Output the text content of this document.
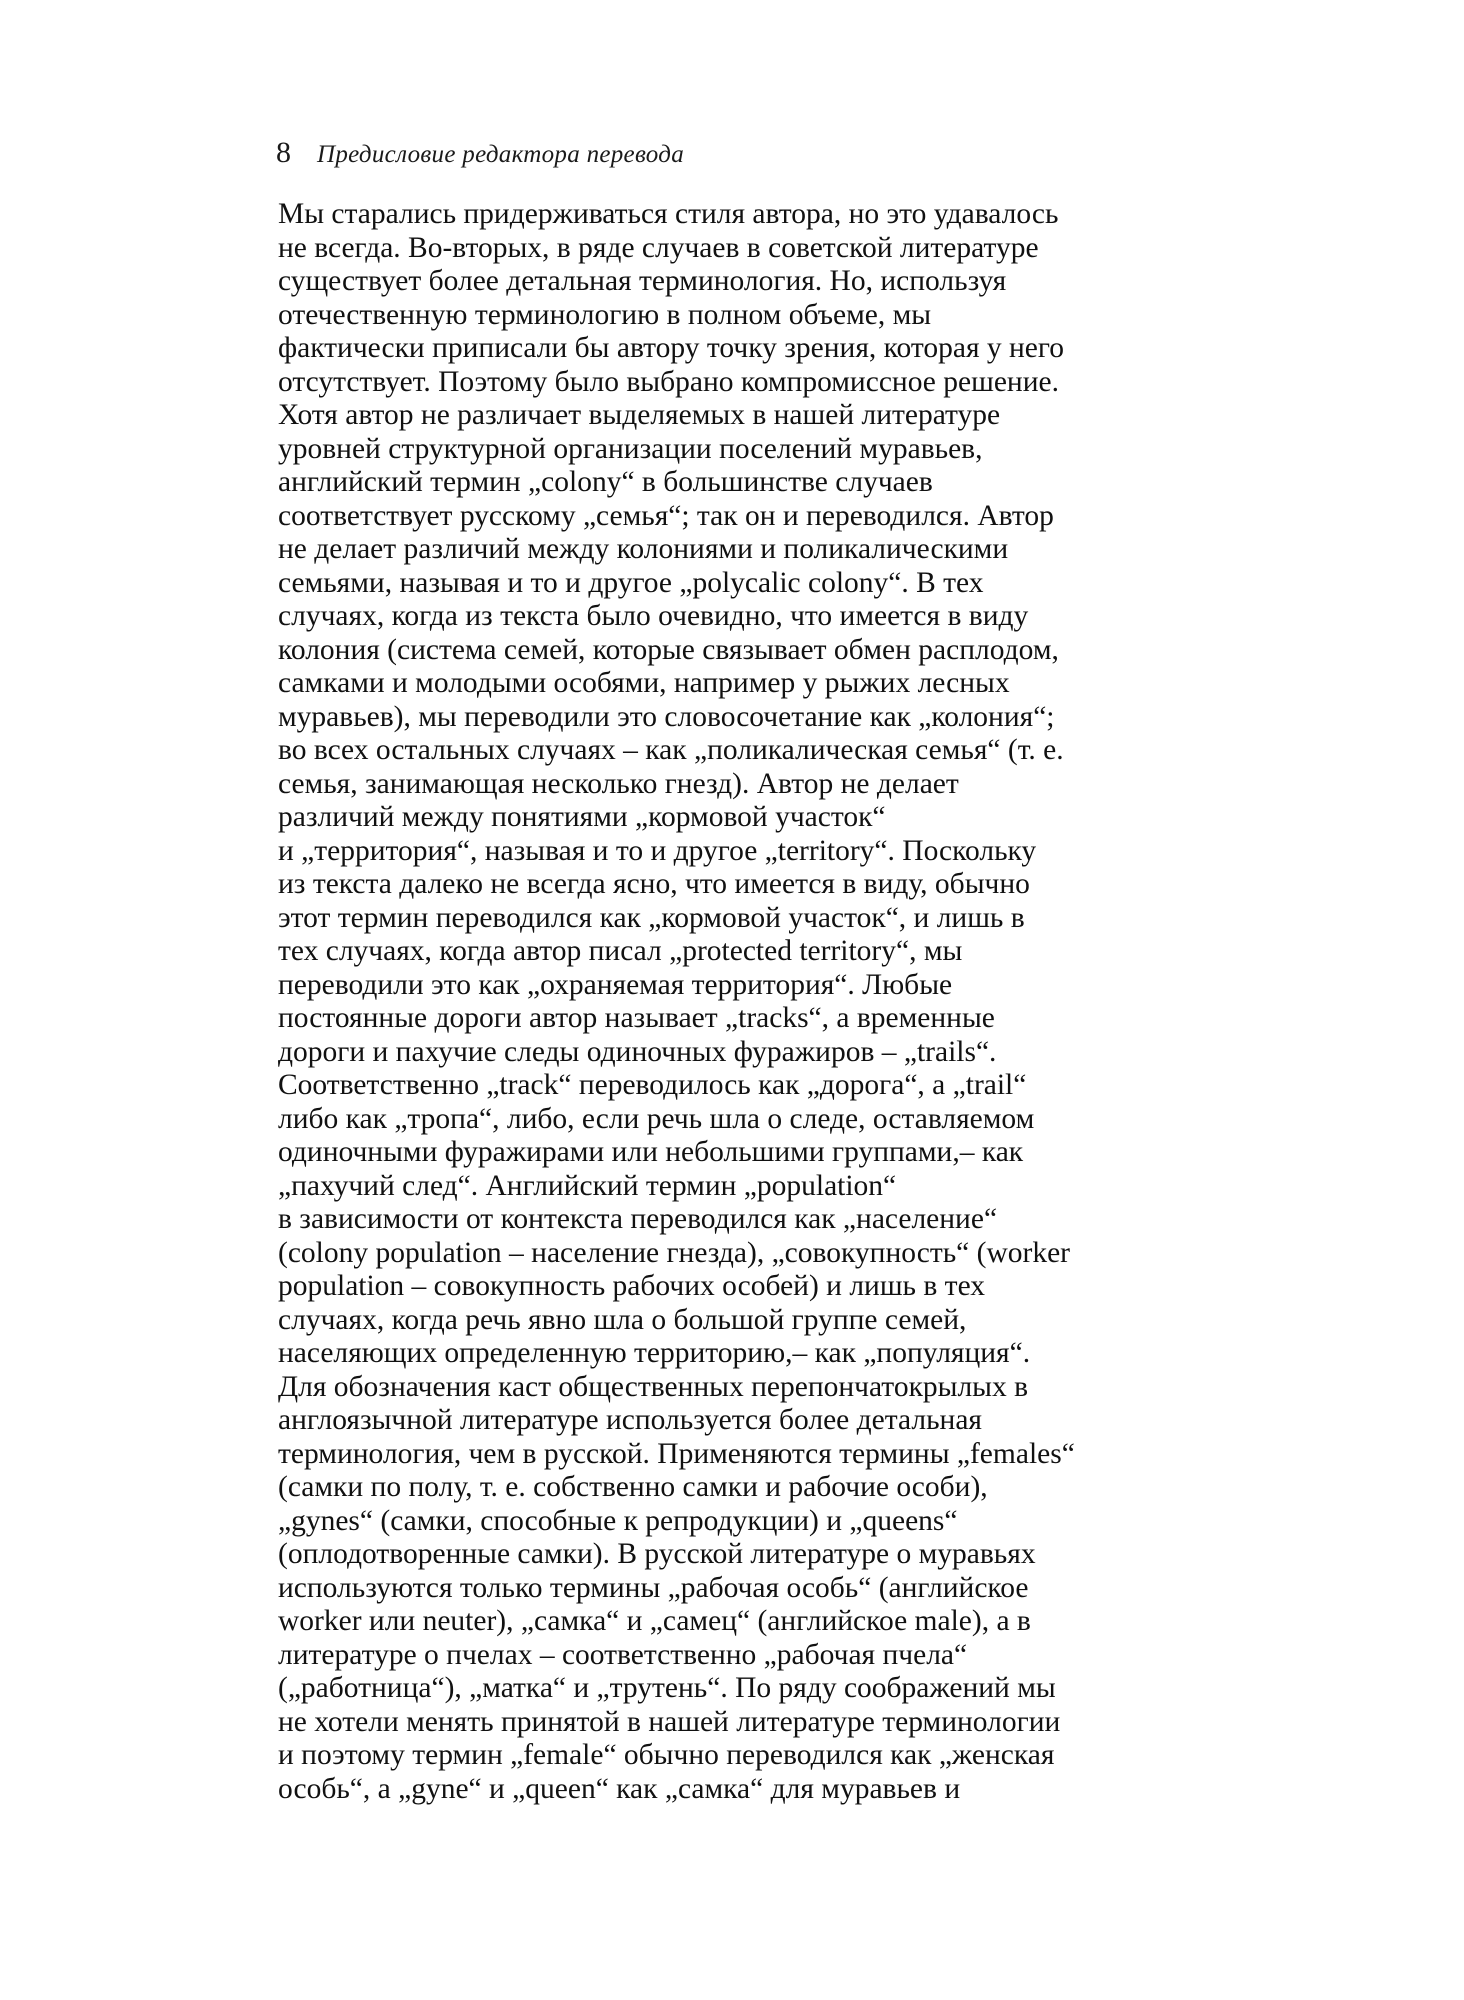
8 Предисловие редактора перевода
Мы старались придерживаться стиля автора, но это удавалось
не всегда. Во-вторых, в ряде случаев в советской литературе
существует более детальная терминология. Но, используя
отечественную терминологию в полном объеме, мы
фактически приписали бы автору точку зрения, которая у него
отсутствует. Поэтому было выбрано компромиссное решение.
Хотя автор не различает выделяемых в нашей литературе
уровней структурной организации поселений муравьев,
английский термин „colony“ в большинстве случаев
соответствует русскому „семья“; так он и переводился. Автор
не делает различий между колониями и поликалическими
семьями, называя и то и другое „polycalic colony“. В тех
случаях, когда из текста было очевидно, что имеется в виду
колония (система семей, которые связывает обмен расплодом,
самками и молодыми особями, например у рыжих лесных
муравьев), мы переводили это словосочетание как „колония“;
во всех остальных случаях – как „поликалическая семья“ (т. е.
семья, занимающая несколько гнезд). Автор не делает
различий между понятиями „кормовой участок“
и „территория“, называя и то и другое „territory“. Поскольку
из текста далеко не всегда ясно, что имеется в виду, обычно
этот термин переводился как „кормовой участок“, и лишь в
тех случаях, когда автор писал „protected territory“, мы
переводили это как „охраняемая территория“. Любые
постоянные дороги автор называет „tracks“, а временные
дороги и пахучие следы одиночных фуражиров – „trails“.
Соответственно „track“ переводилось как „дорога“, а „trail“
либо как „тропа“, либо, если речь шла о следе, оставляемом
одиночными фуражирами или небольшими группами,– как
„пахучий след“. Английский термин „population“
в зависимости от контекста переводился как „население“
(colony population – население гнезда), „совокупность“ (worker
population – совокупность рабочих особей) и лишь в тех
случаях, когда речь явно шла о большой группе семей,
населяющих определенную территорию,– как „популяция“.
Для обозначения каст общественных перепончатокрылых в
англоязычной литературе используется более детальная
терминология, чем в русской. Применяются термины „females“
(самки по полу, т. е. собственно самки и рабочие особи),
„gynes“ (самки, способные к репродукции) и „queens“
(оплодотворенные самки). В русской литературе о муравьях
используются только термины „рабочая особь“ (английское
worker или neuter), „самка“ и „самец“ (английское male), а в
литературе о пчелах – соответственно „рабочая пчела“
(„работница“), „матка“ и „трутень“. По ряду соображений мы
не хотели менять принятой в нашей литературе терминологии
и поэтому термин „female“ обычно переводился как „женская
особь“, а „gyne“ и „queen“ как „самка“ для муравьев и
